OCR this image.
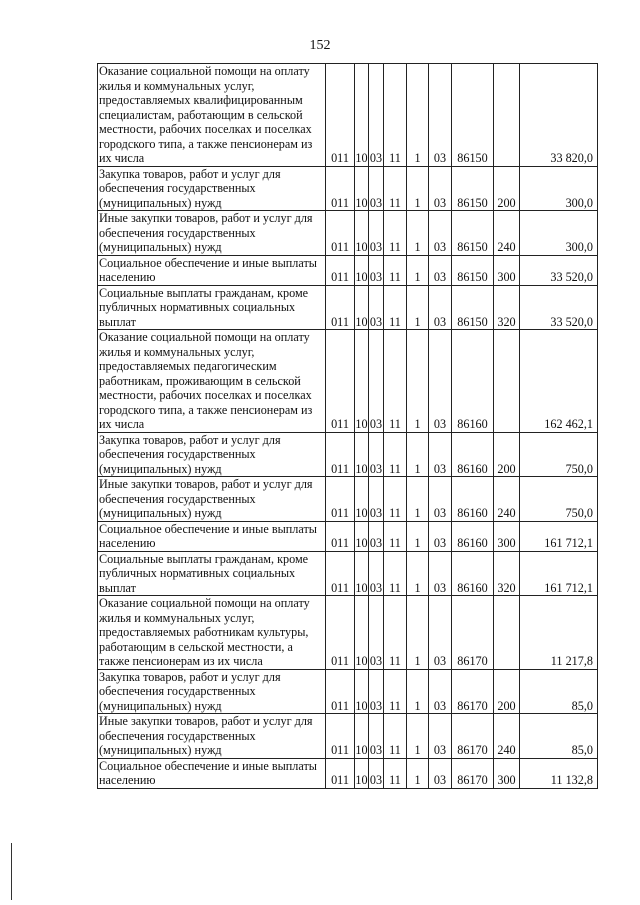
152
Оказание социальной помощи на оплату жилья и коммунальных услуг, предоставляемых квалифицированным специалистам, работающим в сельской местности, рабочих поселках и поселках городского типа, а также пенсионерам из их числа	011	10	03	11	1	03	86150		33 820,0
Закупка товаров, работ и услуг для обеспечения государственных (муниципальных) нужд	011	10	03	11	1	03	86150	200	300,0
Иные закупки товаров, работ и услуг для обеспечения государственных (муниципальных) нужд	011	10	03	11	1	03	86150	240	300,0
Социальное обеспечение и иные выплаты населению	011	10	03	11	1	03	86150	300	33 520,0
Социальные выплаты гражданам, кроме публичных нормативных социальных выплат	011	10	03	11	1	03	86150	320	33 520,0
Оказание социальной помощи на оплату жилья и коммунальных услуг, предоставляемых педагогическим работникам, проживающим в сельской местности, рабочих поселках и поселках городского типа, а также пенсионерам из их числа	011	10	03	11	1	03	86160		162 462,1
Закупка товаров, работ и услуг для обеспечения государственных (муниципальных) нужд	011	10	03	11	1	03	86160	200	750,0
Иные закупки товаров, работ и услуг для обеспечения государственных (муниципальных) нужд	011	10	03	11	1	03	86160	240	750,0
Социальное обеспечение и иные выплаты населению	011	10	03	11	1	03	86160	300	161 712,1
Социальные выплаты гражданам, кроме публичных нормативных социальных выплат	011	10	03	11	1	03	86160	320	161 712,1
Оказание социальной помощи на оплату жилья и коммунальных услуг, предоставляемых работникам культуры, работающим в сельской местности, а также пенсионерам из их числа	011	10	03	11	1	03	86170		11 217,8
Закупка товаров, работ и услуг для обеспечения государственных (муниципальных) нужд	011	10	03	11	1	03	86170	200	85,0
Иные закупки товаров, работ и услуг для обеспечения государственных (муниципальных) нужд	011	10	03	11	1	03	86170	240	85,0
Социальное обеспечение и иные выплаты населению	011	10	03	11	1	03	86170	300	11 132,8
